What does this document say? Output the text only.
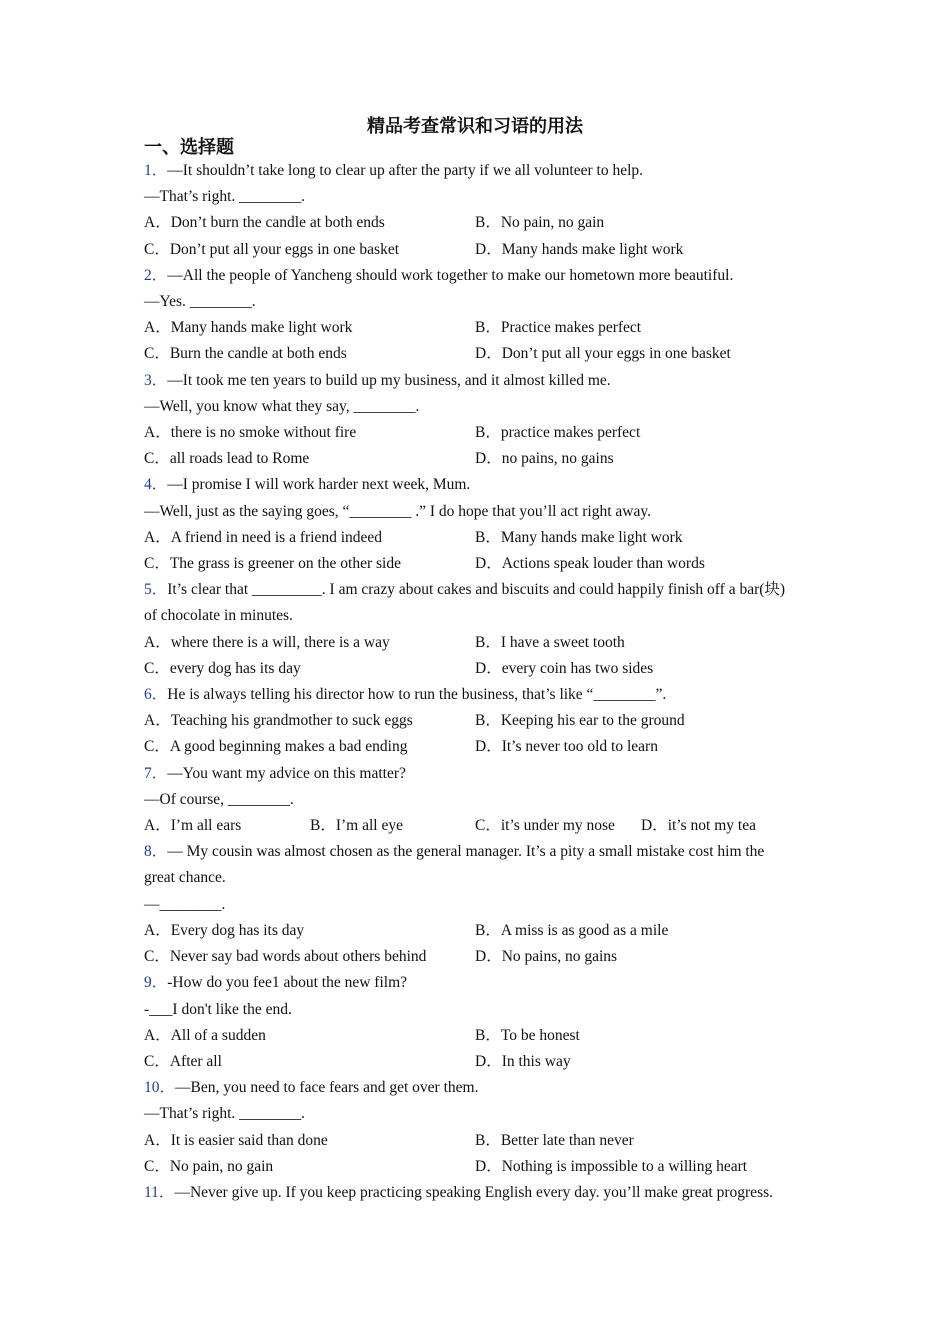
精品考查常识和习语的用法
一、选择题
1．—It shouldn’t take long to clear up after the party if we all volunteer to help.
—That’s right. ________.
A．Don’t burn the candle at both ends	B．No pain, no gain
C．Don’t put all your eggs in one basket	D．Many hands make light work
2．—All the people of Yancheng should work together to make our hometown more beautiful.
—Yes. ________.
A．Many hands make light work	B．Practice makes perfect
C．Burn the candle at both ends	D．Don’t put all your eggs in one basket
3．—It took me ten years to build up my business, and it almost killed me.
—Well, you know what they say, ________.
A．there is no smoke without fire	B．practice makes perfect
C．all roads lead to Rome	D．no pains, no gains
4．—I promise I will work harder next week, Mum.
—Well, just as the saying goes, “________ .” I do hope that you’ll act right away.
A．A friend in need is a friend indeed	B．Many hands make light work
C．The grass is greener on the other side	D．Actions speak louder than words
5．It’s clear that _________. I am crazy about cakes and biscuits and could happily finish off a bar(块) of chocolate in minutes.
A．where there is a will, there is a way	B．I have a sweet tooth
C．every dog has its day	D．every coin has two sides
6．He is always telling his director how to run the business, that’s like “________”.
A．Teaching his grandmother to suck eggs	B．Keeping his ear to the ground
C．A good beginning makes a bad ending	D．It’s never too old to learn
7．—You want my advice on this matter?
—Of course, ________.
A．I’m all ears	B．I’m all eye	C．it’s under my nose	D．it’s not my tea
8．— My cousin was almost chosen as the general manager. It’s a pity a small mistake cost him the great chance.
—________.
A．Every dog has its day	B．A miss is as good as a mile
C．Never say bad words about others behind	D．No pains, no gains
9．-How do you fee1 about the new film?
-___I don't like the end.
A．All of a sudden	B．To be honest
C．After all	D．In this way
10．—Ben, you need to face fears and get over them.
—That’s right. ________.
A．It is easier said than done	B．Better late than never
C．No pain, no gain	D．Nothing is impossible to a willing heart
11．—Never give up. If you keep practicing speaking English every day. you’ll make great progress.
